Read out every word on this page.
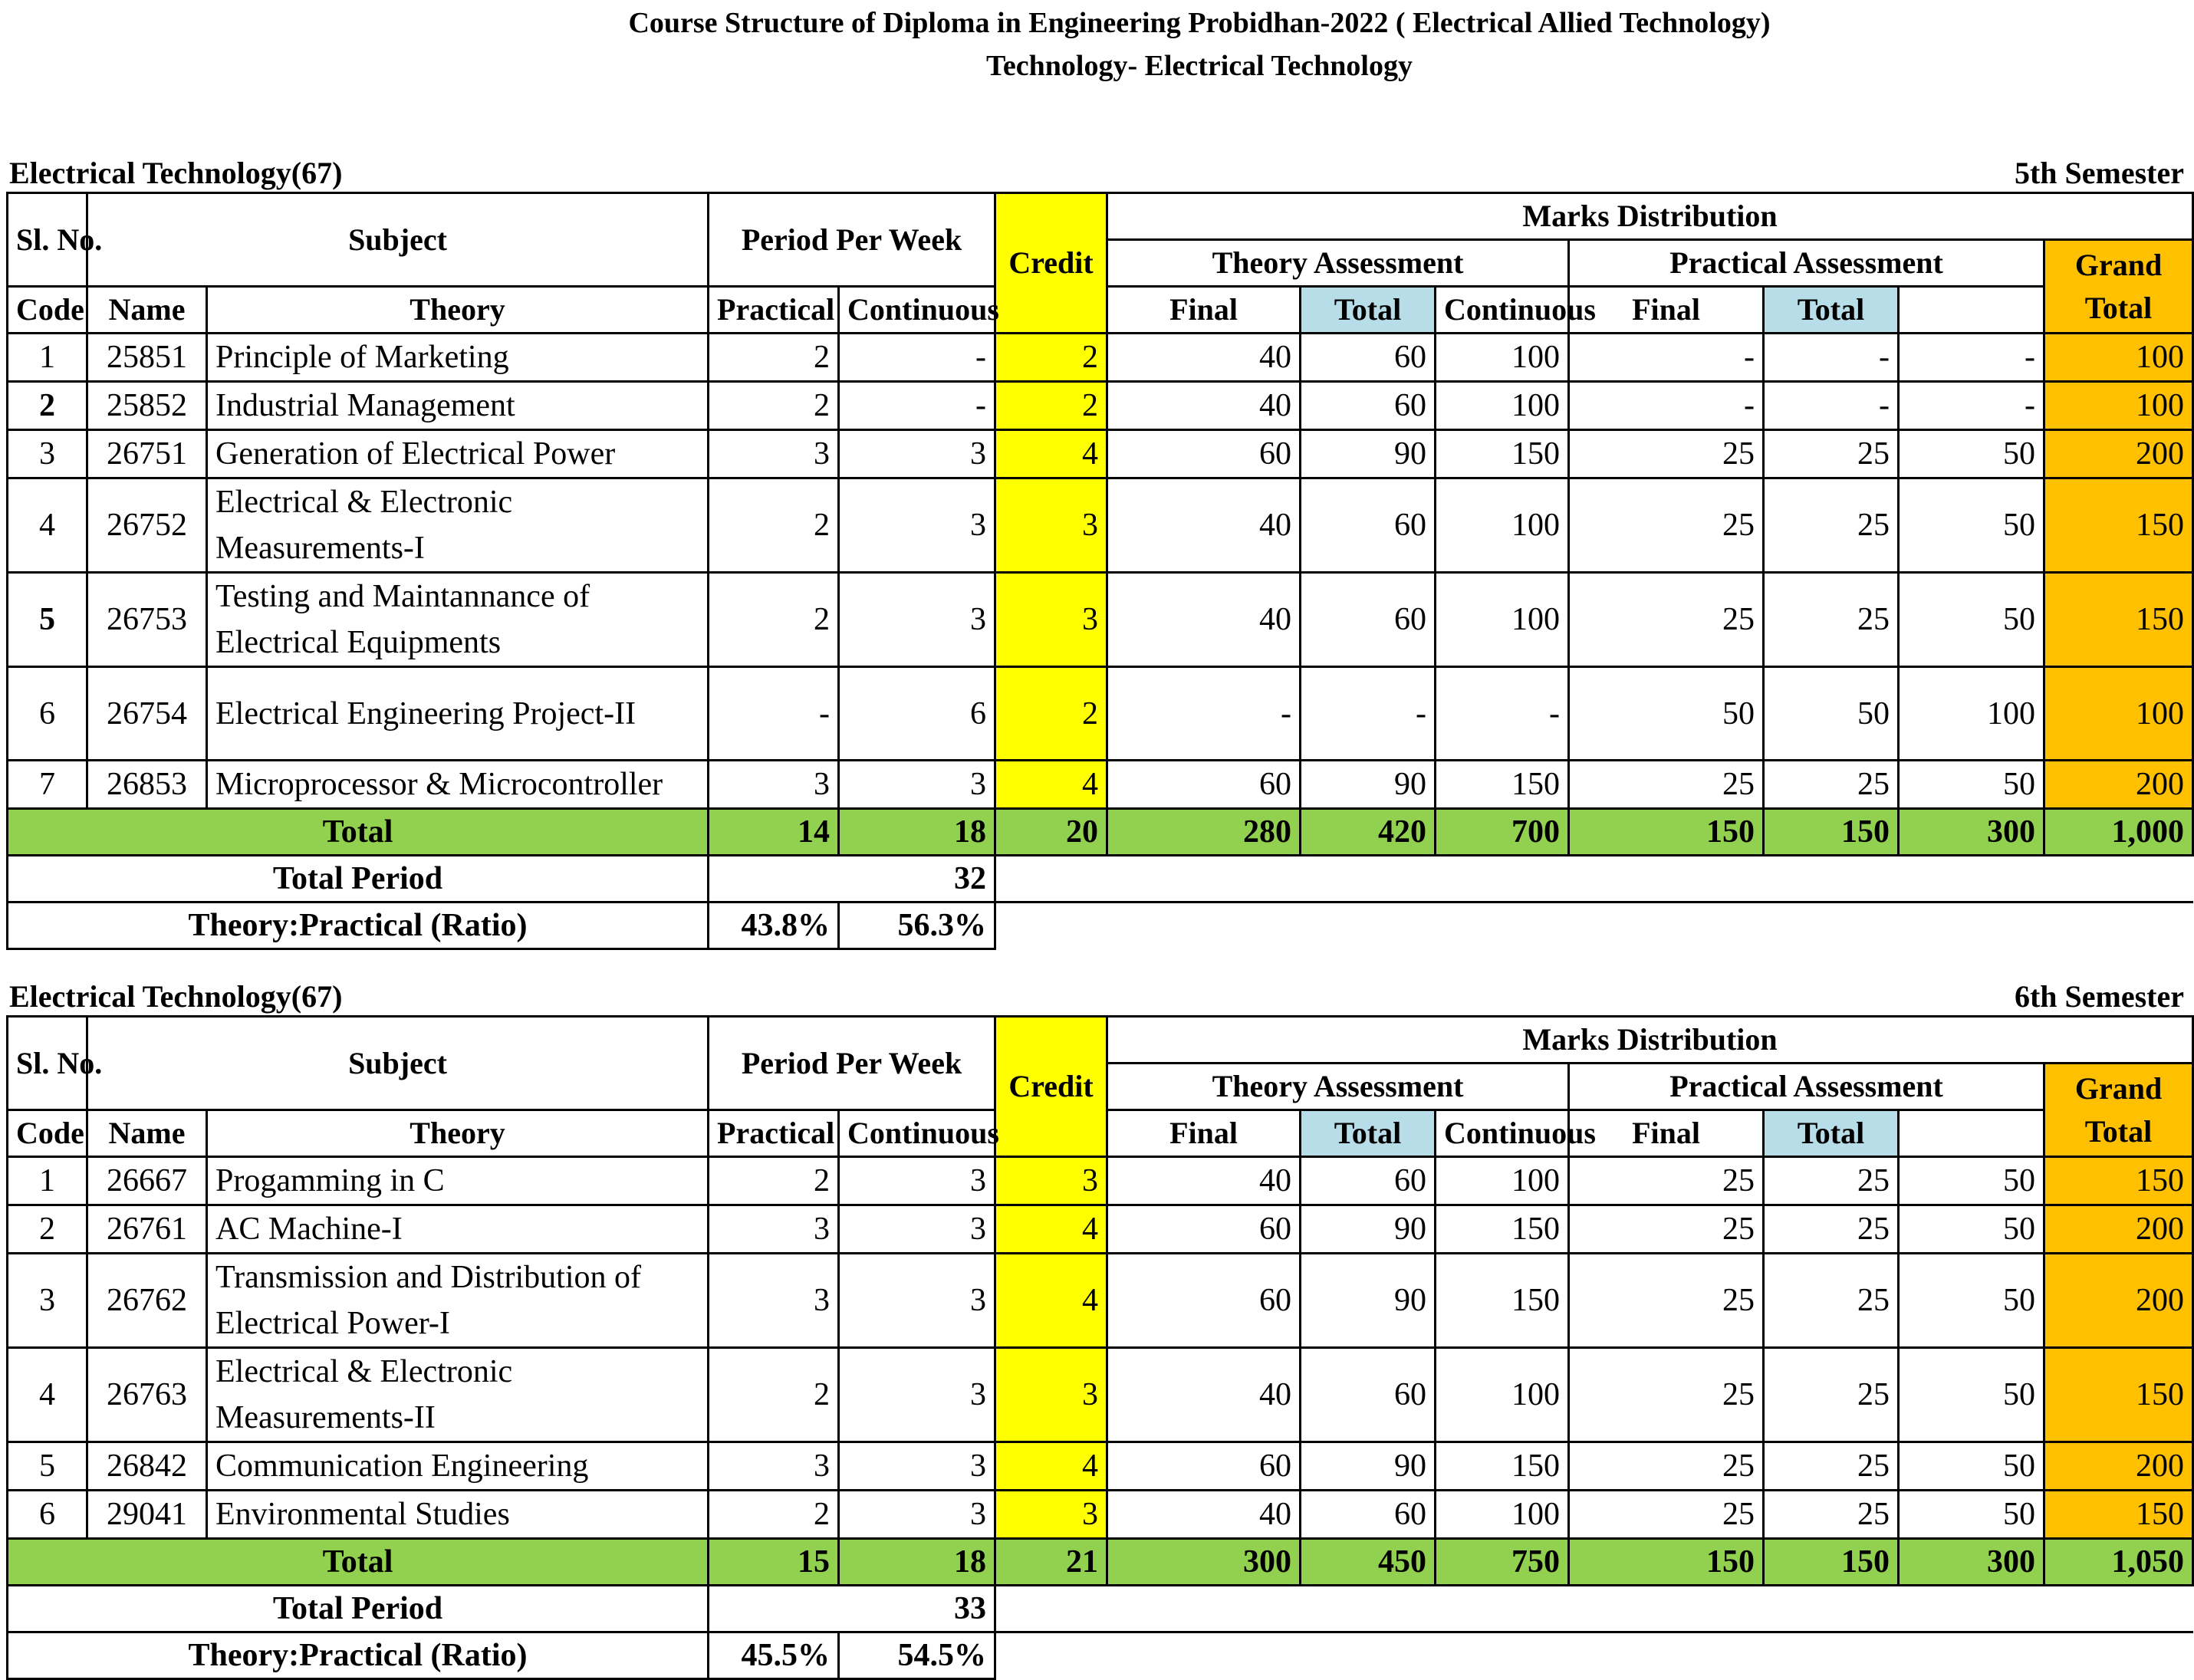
Course Structure of Diploma in Engineering Probidhan-2022 ( Electrical Allied Technology)
Technology- Electrical Technology
Electrical Technology(67)	5th Semester
Sl. No.	Subject		Period Per Week		Credit	Marks Distribution						
						Theory Assessment			Practical Assessment			Grand Total
Code	Name	Theory	Practical	Continuous		Final	Total	Continuous	Final	Total		
1	25851	Principle of Marketing	2	-	2	40	60	100	-	-	-	100
2	25852	Industrial Management	2	-	2	40	60	100	-	-	-	100
3	26751	Generation of Electrical Power	3	3	4	60	90	150	25	25	50	200
4	26752	Electrical & Electronic Measurements-I	2	3	3	40	60	100	25	25	50	150
5	26753	Testing and Maintannance of Electrical Equipments	2	3	3	40	60	100	25	25	50	150
6	26754	Electrical Engineering Project-II	-	6	2	-	-	-	50	50	100	100
7	26853	Microprocessor & Microcontroller	3	3	4	60	90	150	25	25	50	200
Total			14	18	20	280	420	700	150	150	300	1,000
Total Period			32									
Theory:Practical (Ratio)			43.8%	56.3%								
Electrical Technology(67)	6th Semester
Sl. No.	Subject		Period Per Week		Credit	Marks Distribution						
						Theory Assessment			Practical Assessment			Grand Total
Code	Name	Theory	Practical	Continuous		Final	Total	Continuous	Final	Total		
1	26667	Progamming in C	2	3	3	40	60	100	25	25	50	150
2	26761	AC Machine-I	3	3	4	60	90	150	25	25	50	200
3	26762	Transmission and Distribution of Electrical Power-I	3	3	4	60	90	150	25	25	50	200
4	26763	Electrical & Electronic Measurements-II	2	3	3	40	60	100	25	25	50	150
5	26842	Communication Engineering	3	3	4	60	90	150	25	25	50	200
6	29041	Environmental Studies	2	3	3	40	60	100	25	25	50	150
Total			15	18	21	300	450	750	150	150	300	1,050
Total Period			33									
Theory:Practical (Ratio)			45.5%	54.5%								
